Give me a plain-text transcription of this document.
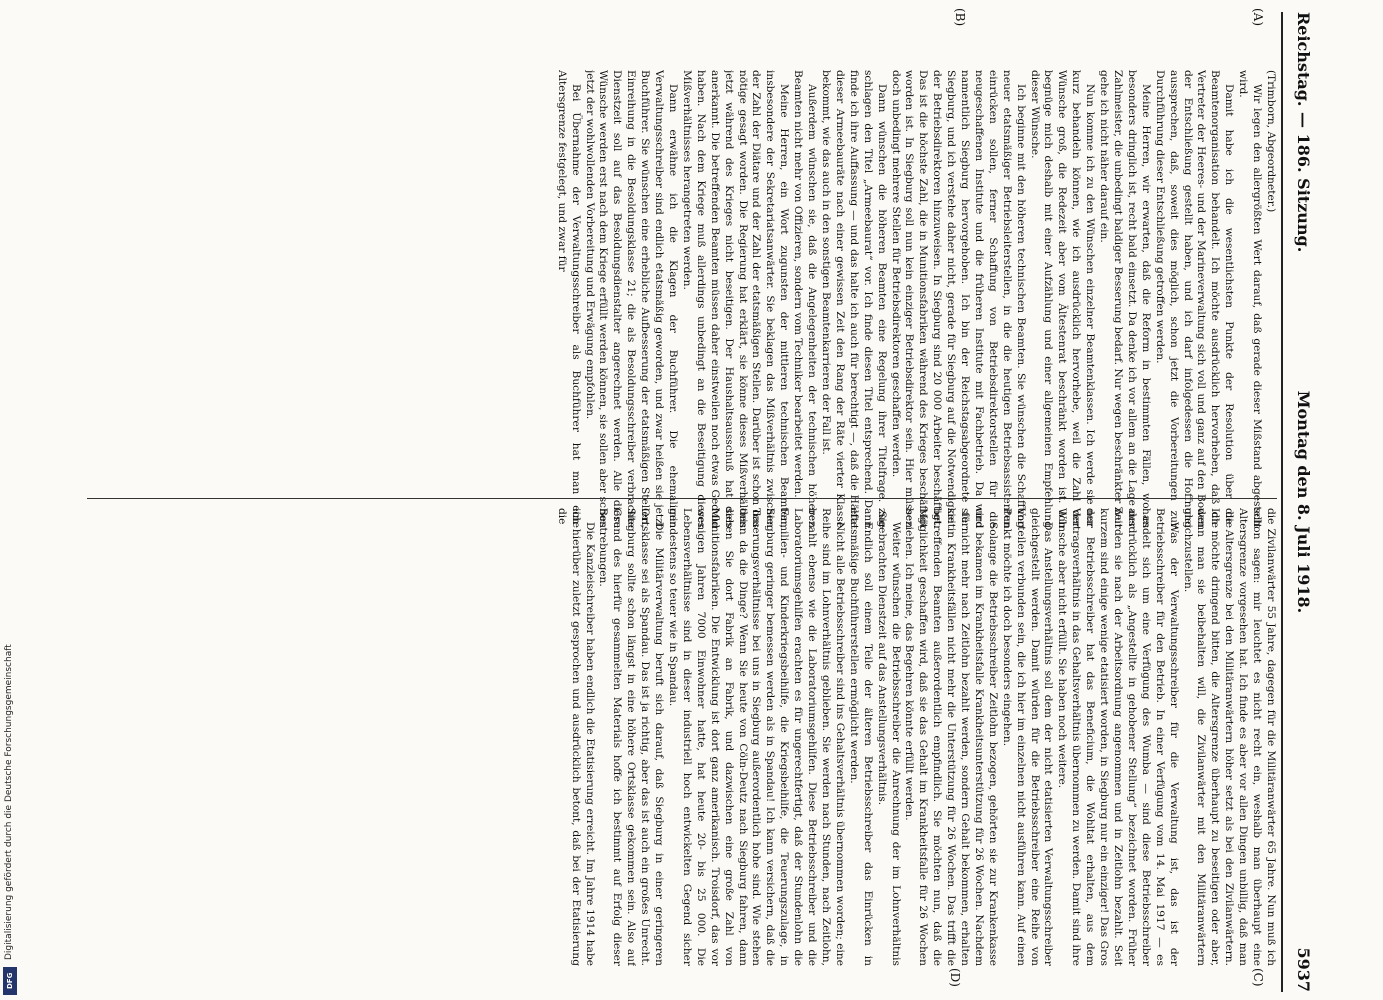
Digitalisierung gefördert durch die Deutsche Forschungsgemeinschaft
DFG
Reichstag. — 186. Sitzung.
Montag den 8. Juli 1918.
5937
(A)
(B)
(C)
(D)

(Trimborn, Abgeordneter.)

Wir legen den allergrößten Wert darauf, daß gerade dieser Mißstand abgestellt wird.

Damit habe ich die wesentlichsten Punkte der Resolution über die Beamtenorganisation behandelt. Ich möchte ausdrücklich hervorheben, daß die Vertreter der Heeres- und der Marineverwaltung sich voll und ganz auf den Boden der Entschließung gestellt haben, und ich darf infolgedessen die Hoffnung aussprechen, daß, soweit dies möglich, schon jetzt die Vorbereitungen zur Durchführung dieser Entschließung getroffen werden.

Meine Herren, wir erwarten, daß die Reform in bestimmten Fällen, wo es besonders dringlich ist, recht bald einsetzt. Da denke ich vor allem an die Lage der Zahlmeister, die unbedingt baldiger Besserung bedarf. Nur wegen beschränkter Zeit gehe ich nicht näher darauf ein.

Nun komme ich zu den Wünschen einzelner Beamtenklassen. Ich werde sie nur kurz behandeln können, wie ich ausdrücklich hervorhebe, weil die Zahl der Wünsche groß, die Redezeit aber vom Ältestenrat beschränkt worden ist. Ich begnüge mich deshalb mit einer Aufzählung und einer allgemeinen Empfehlung dieser Wünsche.

Ich beginne mit den höheren technischen Beamten. Sie wünschen die Schaffung neuer etatsmäßiger Betriebsleiterstellen, in die die heutigen Betriebsassistenten einrücken sollen, ferner Schaffung von Betriebsdirektorstellen für die neugeschaffenen Institute und die früheren Institute mit Fachbetrieb. Da wird namentlich Siegburg hervorgehoben. Ich bin der Reichstagsabgeordnete für Siegburg, und ich verstehe daher nicht, gerade für Siegburg auf die Notwendigkeit der Betriebsdirektoren hinzuweisen. In Siegburg sind 20 000 Arbeiter beschäftigt. Das ist die höchste Zahl, die in Munitionsfabriken während des Krieges beschäftigt worden ist. In Siegburg soll nun kein einziger Betriebsdirektor sein. Hier müssen doch unbedingt mehrere Stellen für Betriebsdirektoren geschaffen werden.

Dann wünschen die höheren Beamten eine Regelung ihrer Titelfrage. Sie schlagen den Titel „Armeebaurat“ vor. Ich finde diesen Titel entsprechend. Dann finde ich ihre Auffassung — und das halte ich auch für berechtigt —, daß die Hälfte dieser Armeebauräte nach einer gewissen Zeit den Rang der Räte vierter Klasse bekommt, wie das auch in den sonstigen Beamtenkarrieren der Fall ist.

Außerdem wünschen sie, daß die Angelegenheiten der technischen höheren Beamten nicht mehr von Offizieren, sondern vom Techniker bearbeitet werden.

Meine Herren, ein Wort zugunsten der mittleren technischen Beamten, insbesondere der Sekretariatsanwärter. Sie beklagen das Mißverhältnis zwischen der Zahl der Diätare und der Zahl der etatsmäßigen Stellen. Darüber ist schon das nötige gesagt worden. Die Regierung hat erklärt, sie könne dieses Mißverhältnis jetzt während des Krieges nicht beseitigen. Der Haushaltsausschuß hat dies anerkannt. Die betreffenden Beamten müssen daher einstweilen noch etwas Geduld haben. Nach dem Kriege muß allerdings unbedingt an die Beseitigung dieses Mißverhältnisses herangetreten werden.

Dann erwähne ich die Klagen der Buchführer. Die ehemaligen Verwaltungsschreiber sind endlich etatsmäßig geworden, und zwar heißen sie jetzt Buchführer. Sie wünschen eine erhebliche Aufbesserung der etatsmäßigen Stellen, Einreihung in die Besoldungsklasse 21; die als Besoldungsschreiber verbrachte Dienstzeit soll auf das Besoldungsdienstalter angerechnet werden. Alle diese Wünsche werden erst nach dem Kriege erfüllt werden können, sie sollen aber schon jetzt der wohlwollenden Vorbereitung und Erwägung empfohlen.

Bei Übernahme der Verwaltungsschreiber als Buchführer hat man eine Altersgrenze festgelegt, und zwar für

die Zivilanwärter 55 Jahre, dagegen für die Militäranwärter 65 Jahre. Nun muß ich schon sagen: mir leuchtet es nicht recht ein, weshalb man überhaupt eine Altersgrenze vorgesehen hat. Ich finde es aber vor allen Dingen unbillig, daß man die Altersgrenze bei den Militäranwärtern höher setzt als bei den Zivilanwärtern. Ich möchte dringend bitten, die Altersgrenze überhaupt zu beseitigen oder aber, wenn man sie beibehalten will, die Zivilanwärter mit den Militäranwärtern gleichzustellen.

Was der Verwaltungsschreiber für die Verwaltung ist, das ist der Betriebsschreiber für den Betrieb. In einer Verfügung vom 14. Mai 1917 — es handelt sich um eine Verfügung des Wumba — sind diese Betriebsschreiber ausdrücklich als „Angestellte in gehobener Stellung“ bezeichnet worden. Früher wurden sie nach der Arbeitsordnung angenommen und in Zeitlohn bezahlt. Seit kurzem sind einige wenige etatisiert worden, in Siegburg nur ein einziger! Das Gros der Betriebsschreiber hat das Beneficium, die Wohltat erhalten, aus dem Vertragsverhältnis in das Gehaltsverhältnis übernommen zu werden. Damit sind ihre Wünsche aber nicht erfüllt. Sie haben noch weitere.

Das Anstellungsverhältnis soll dem der nicht etatisierten Verwaltungsschreiber gleichgestellt werden. Damit würden für die Betriebsschreiber eine Reihe von Vorteilen verbunden sein, die ich hier im einzelnen nicht ausführen kann. Auf einen Punkt möchte ich doch besonders eingehen.

Solange die Betriebsschreiber Zeitlohn bezogen, gehörten sie zur Krankenkasse und bekamen im Krankheitsfalle Krankheitsunterstützung für 26 Wochen. Nachdem sie nicht mehr nach Zeitlohn bezahlt werden, sondern Gehalt bekommen, erhalten sie in Krankheitsfällen nicht mehr die Unterstützung für 26 Wochen. Das trifft die betreffenden Beamten außerordentlich empfindlich. Sie möchten nun, daß die Möglichkeit geschaffen wird, daß sie das Gehalt im Krankheitsfalle für 26 Wochen beziehen. Ich meine, das Begehren könnte erfüllt werden.

Weiter wünschen die Betriebsschreiber die Anrechnung der im Lohnverhältnis zugebrachten Dienstzeit auf das Anstellungsverhältnis.

Endlich soll einem Teile der älteren Betriebsschreiber das Einrücken in etatsmäßige Buchführerstellen ermöglicht werden.

Nicht alle Betriebsschreiber sind ins Gehaltsverhältnis übernommen worden; eine Reihe sind im Lohnverhältnis geblieben. Sie werden nach Stunden, nach Zeitlohn, bezahlt ebenso wie die Laboratoriumsgehilfen. Diese Betriebsschreiber und die Laboratoriumsgehilfen erachten es für ungerechtfertigt, daß der Stundenlohn die Familien- und Kinderkriegsbeihilfe, die Kriegsbeihilfe, die Teuerungszulage, in Siegburg geringer bemessen werden als in Spandau! Ich kann versichern, daß die Teuerungsverhältnisse bei uns in Siegburg außerordentlich hohe sind. Wie stehen denn da die Dinge? Wenn Sie heute von Cöln-Deutz nach Siegburg fahren, dann sehen Sie dort Fabrik an Fabrik, und dazwischen eine große Zahl von Munitionsfabriken. Die Entwicklung ist dort ganz amerikanisch. Troisdorf, das vor wenigen Jahren 7000 Einwohner hatte, hat heute 20- bis 25 000. Die Lebensverhältnisse sind in dieser industriell hoch entwickelten Gegend sicher mindestens so teuer wie in Spandau.

Die Militärverwaltung beruft sich darauf, daß Siegburg in einer geringeren Ortsklasse sei als Spandau. Das ist ja richtig, aber das ist auch ein großes Unrecht. Siegburg sollte schon längst in eine höhere Ortsklasse gekommen sein. Also auf Grund des hierfür gesammelten Materials hoffe ich bestimmt auf Erfolg dieser Bestrebungen.

Die Kanzleischreiber haben endlich die Etatisierung erreicht. Im Jahre 1914 habe ich hierüber zuletzt gesprochen und ausdrücklich betont, daß bei der Etatisierung die
